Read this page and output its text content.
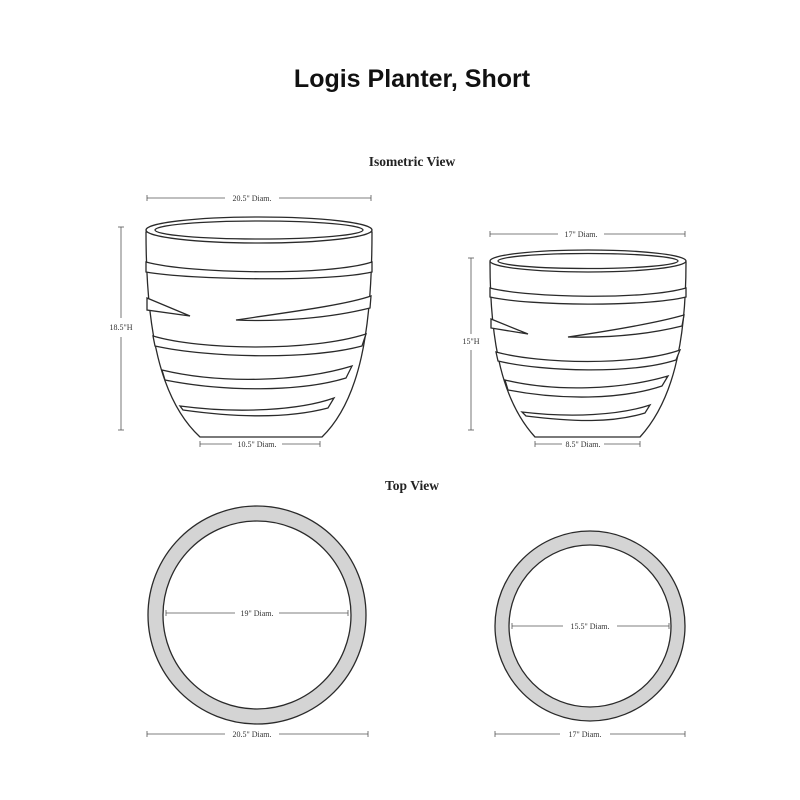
Logis Planter, Short
Isometric View
Top View
20.5" Diam.
18.5"H
10.5" Diam.
17" Diam.
15"H
8.5" Diam.
19" Diam.
20.5" Diam.
15.5" Diam.
17" Diam.
